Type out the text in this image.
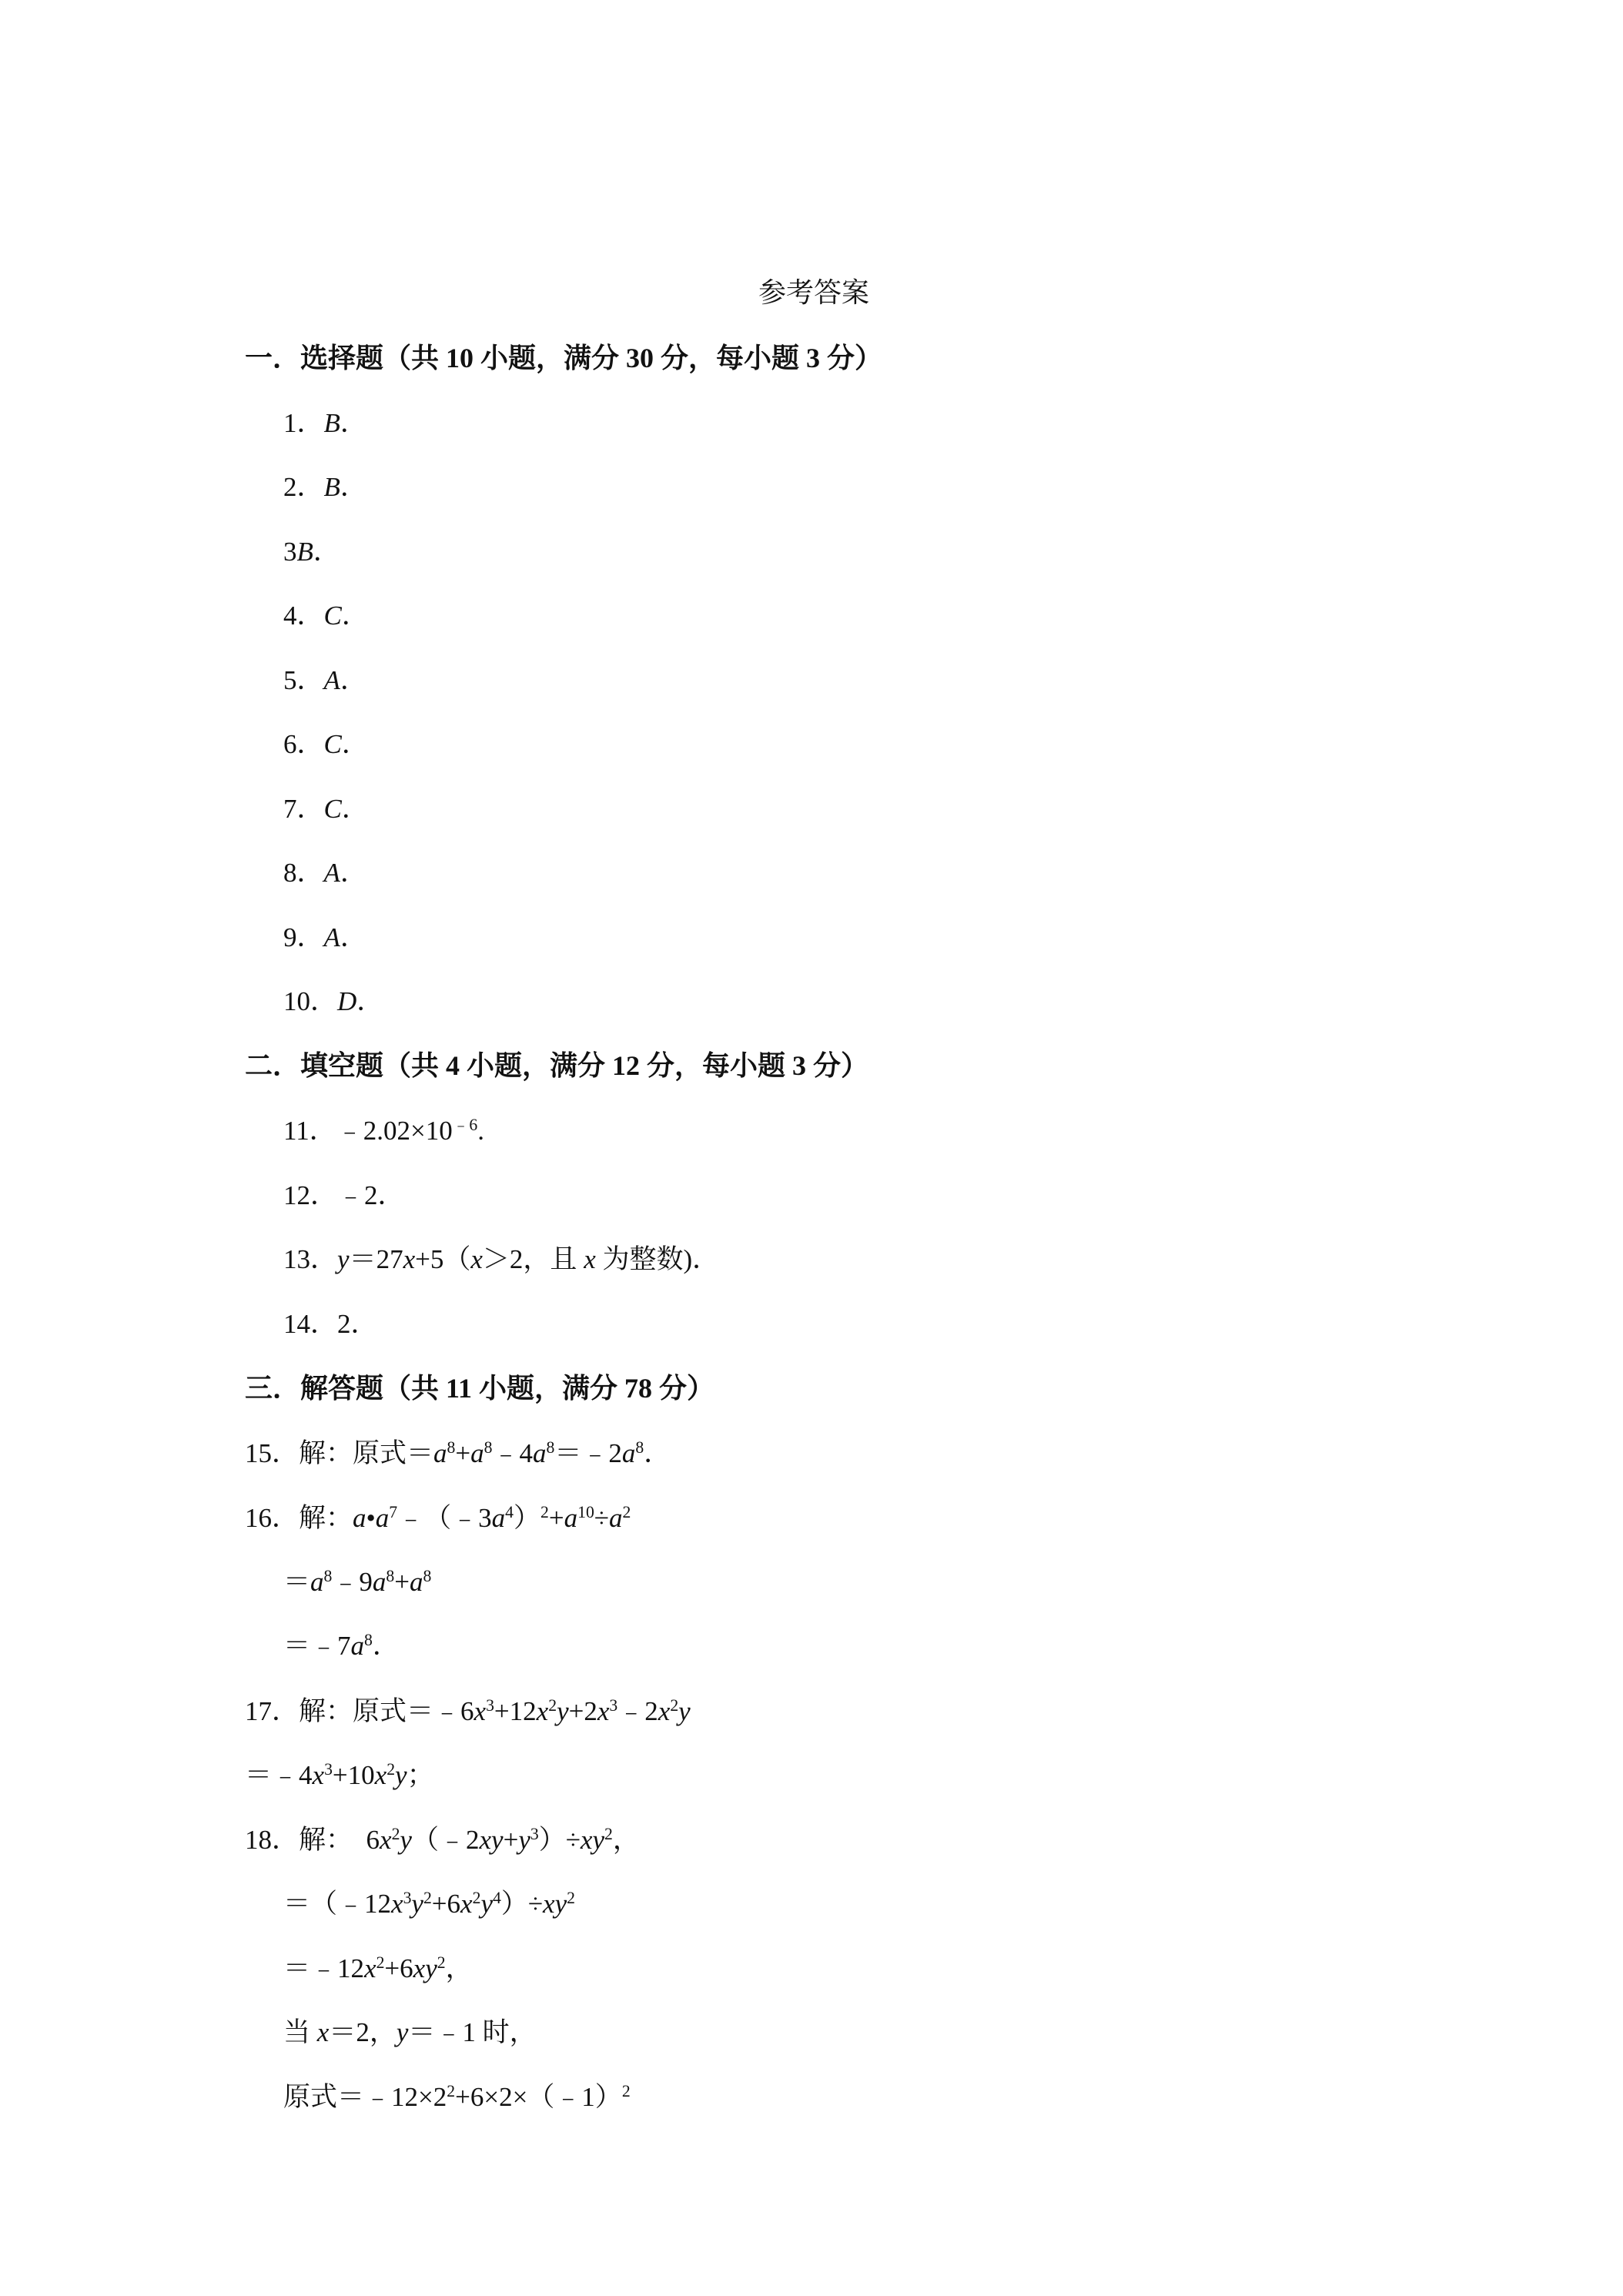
参考答案
一．选择题（共 10 小题，满分 30 分，每小题 3 分）
1．B．
2．B．
3B．
4．C．
5．A．
6．C．
7．C．
8．A．
9．A．
10．D．
二．填空题（共 4 小题，满分 12 分，每小题 3 分）
11．$﹣2.02\times 10^{﹣6}$.
12．﹣2．
13．y＝27x+5（x＞2，且 x 为整数)．
14．2．
三．解答题（共 11 小题，满分 78 分）
15．解：原式$=a^8+a^8﹣4a^8=﹣2a^8$．
16．解：$a•a^7﹣(﹣3a^4)^2+a^{10}\div a^2$
$=a^8﹣9a^8+a^8$
$=﹣7a^8$．
17．解：原式$=﹣6x^3+12x^2y+2x^3﹣2x^2y$
$=﹣4x^3+10x^2y$；
18．解： $6x^2y(﹣2xy+y^3)\div xy^2$，
$=(﹣12x^3y^2+6x^2y^4)\div xy^2$
$=﹣12x^2+6xy^2$，
当 x＝2，y＝﹣1 时，
原式$=﹣12\times 2^2+6\times 2\times(﹣1)^2$
